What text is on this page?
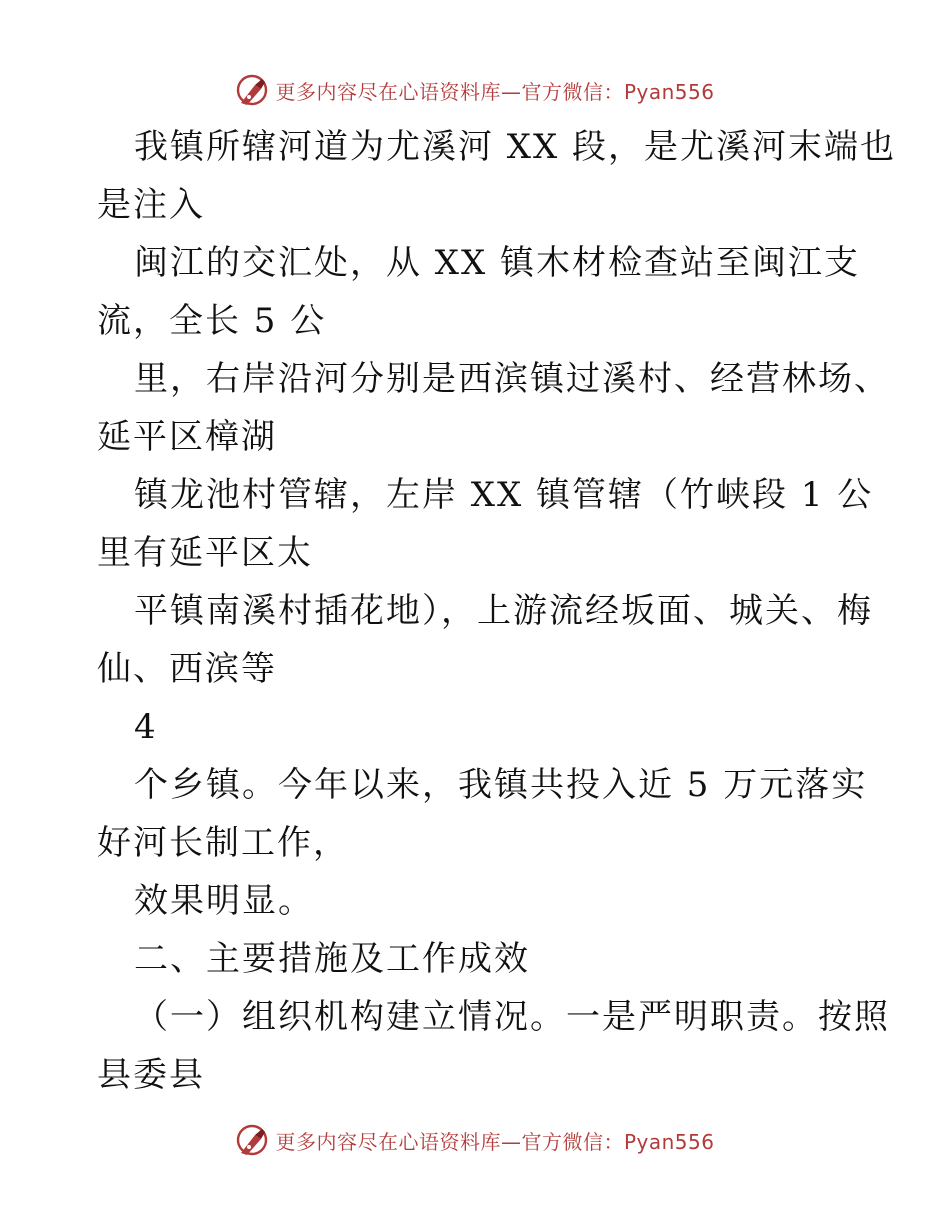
更多内容尽在心语资料库—官方微信：Pyan556

我镇所辖河道为尤溪河 XX 段，是尤溪河末端也

是注入

闽江的交汇处，从 XX 镇木材检查站至闽江支

流，全长 5 公

里，右岸沿河分别是西滨镇过溪村、经营林场、

延平区樟湖

镇龙池村管辖，左岸 XX 镇管辖（竹峡段 1 公

里有延平区太

平镇南溪村插花地），上游流经坂面、城关、梅

仙、西滨等

4

个乡镇。今年以来，我镇共投入近 5 万元落实

好河长制工作，

效果明显。

二、主要措施及工作成效

（一）组织机构建立情况。一是严明职责。按照

县委县

更多内容尽在心语资料库—官方微信：Pyan556
